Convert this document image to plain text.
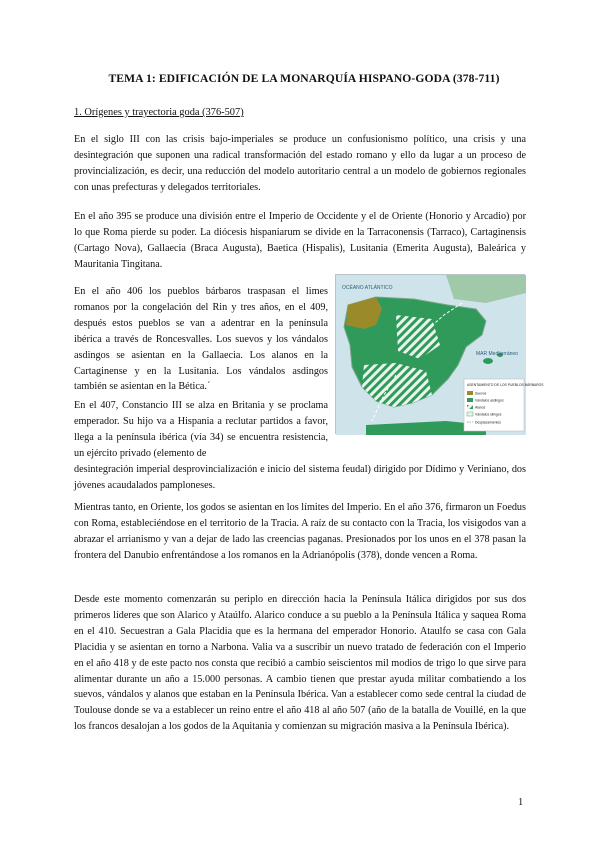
TEMA 1: EDIFICACIÓN DE LA MONARQUÍA HISPANO-GODA (378-711)

1. Orígenes y trayectoria goda (376-507)

En el siglo III con las crisis bajo-imperiales se produce un confusionismo político, una crisis y una desintegración que suponen una radical transformación del estado romano y ello da lugar a un proceso de provincialización, es decir, una reducción del modelo autoritario central a un modelo de gobiernos regionales con unas prefecturas y delegados territoriales.

En el año 395 se produce una división entre el Imperio de Occidente y el de Oriente (Honorio y Arcadio) por lo que Roma pierde su poder. La diócesis hispaniarum se divide en la Tarraconensis (Tarraco), Cartaginensis (Cartago Nova), Gallaecia (Braca Augusta), Baetica (Hispalis), Lusitania (Emerita Augusta), Baleárica y Mauritania Tingitana.

En el año 406 los pueblos bárbaros traspasan el limes romanos por la congelación del Rin y tres años, en el 409, después estos pueblos se van a adentrar en la península ibérica a través de Roncesvalles. Los suevos y los vándalos asdingos se asientan en la Gallaecia. Los alanos en la Cartaginense y en la Lusitania. Los vándalos asdingos también se asientan en la Bética.´

En el 407, Constancio III se alza en Britania y se proclama emperador. Su hijo va a Hispania a reclutar partidos a favor, llega a la península ibérica (vía 34) se encuentra resistencia, un ejército privado (elemento de
desintegración imperial desprovincialización e inicio del sistema feudal) dirigido por Dídimo y Veriniano, dos jóvenes acaudalados pamploneses.

Mientras tanto, en Oriente, los godos se asientan en los límites del Imperio. En el año 376, firmaron un Foedus con Roma, estableciéndose en el territorio de la Tracia. A raíz de su contacto con la Tracia, los visigodos van a abrazar el arrianismo y van a dejar de lado las creencias paganas. Presionados por los unos en el 378 pasan la frontera del Danubio enfrentándose a los romanos en la Adrianópolis (378), donde vencen a Roma.

Desde este momento comenzarán su periplo en dirección hacia la Península Itálica dirigidos por sus dos primeros líderes que son Alarico y Ataúlfo. Alarico conduce a su pueblo a la Península Itálica y saquea Roma en el 410. Secuestran a Gala Placidia que es la hermana del emperador Honorio. Ataulfo se casa con Gala Placidia y se asientan en torno a Narbona. Valia va a suscribir un nuevo tratado de federación con el Imperio en el año 418 y de este pacto nos consta que recibió a cambio seiscientos mil modios de trigo lo que sirve para alimentar durante un año a 15.000 personas. A cambio tienen que prestar ayuda militar combatiendo a los suevos, vándalos y alanos que estaban en la Península Ibérica. Van a establecer como sede central la ciudad de Toulouse donde se va a establecer un reino entre el año 418 al año 507 (año de la batalla de Vouillé, en la que los francos desalojan a los godos de la Aquitania y comienzan su migración masiva a la Península Ibérica).

OCÉANO ATLÁNTICO
MAR Mediterráneo
ASENTAMIENTO DE LOS PUEBLOS BÁRBAROS
Suevos
Vándalos asdingos
Alanos
Vándalos silingos
Desplazamientos

1
